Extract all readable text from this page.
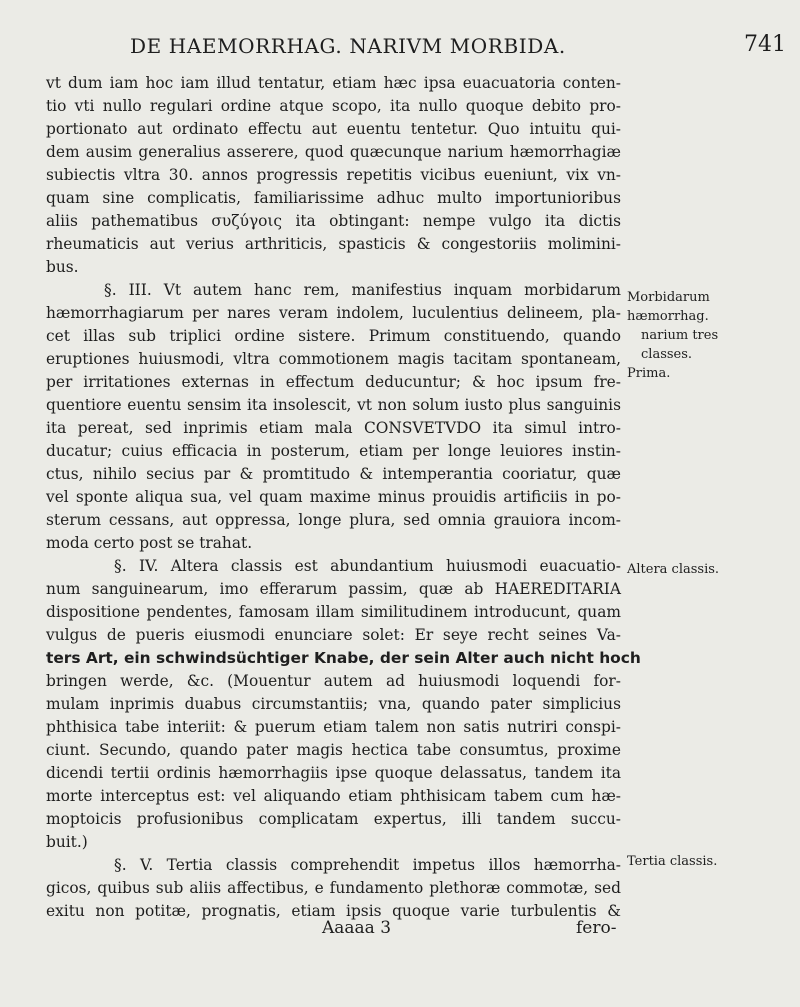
DE HAEMORRHAG. NARIVM MORBIDA.	741
vt dum iam hoc iam illud tentatur, etiam hæc ipsa euacuatoria conten-
tio vti nullo regulari ordine atque scopo, ita nullo quoque debito pro-
portionato aut ordinato effectu aut euentu tentetur. Quo intuitu qui-
dem ausim generalius asserere, quod quæcunque narium hæmorrhagiæ
subiectis vltra 30. annos progressis repetitis vicibus eueniunt, vix vn-
quam sine complicatis, familiarissime adhuc multo importunioribus
aliis pathematibus συζύγοις ita obtingant: nempe vulgo ita dictis
rheumaticis aut verius arthriticis, spasticis & congestoriis molimini-
bus.
§. III. Vt autem hanc rem, manifestius inquam morbidarum
hæmorrhagiarum per nares veram indolem, luculentius delineem, pla-
cet illas sub triplici ordine sistere. Primum constituendo, quando
eruptiones huiusmodi, vltra commotionem magis tacitam spontaneam,
per irritationes externas in effectum deducuntur; & hoc ipsum fre-
quentiore euentu sensim ita insolescit, vt non solum iusto plus sanguinis
ita pereat, sed inprimis etiam mala CONSVETVDO ita simul intro-
ducatur; cuius efficacia in posterum, etiam per longe leuiores instin-
ctus, nihilo secius par & promtitudo & intemperantia cooriatur, quæ
vel sponte aliqua sua, vel quam maxime minus prouidis artificiis in po-
sterum cessans, aut oppressa, longe plura, sed omnia grauiora incom-
moda certo post se trahat.
§. IV. Altera classis est abundantium huiusmodi euacuatio-
num sanguinearum, imo efferarum passim, quæ ab HAEREDITARIA
dispositione pendentes, famosam illam similitudinem introducunt, quam
vulgus de pueris eiusmodi enunciare solet: Er seye recht seines Va-
ters Art, ein schwindsüchtiger Knabe, der sein Alter auch nicht hoch
bringen werde, &c. (Mouentur autem ad huiusmodi loquendi for-
mulam inprimis duabus circumstantiis; vna, quando pater simplicius
phthisica tabe interiit: & puerum etiam talem non satis nutriri conspi-
ciunt. Secundo, quando pater magis hectica tabe consumtus, proxime
dicendi tertii ordinis hæmorrhagiis ipse quoque delassatus, tandem ita
morte interceptus est: vel aliquando etiam phthisicam tabem cum hæ-
moptoicis profusionibus complicatam expertus, illi tandem succu-
buit.)
§. V. Tertia classis comprehendit impetus illos hæmorrha-
gicos, quibus sub aliis affectibus, e fundamento plethoræ commotæ, sed
exitu non potitæ, prognatis, etiam ipsis quoque varie turbulentis &
Morbidarum
hæmorrhag.
narium tres
classes.
Prima.
Altera classis.
Tertia classis.
Aaaaa 3	fero-
